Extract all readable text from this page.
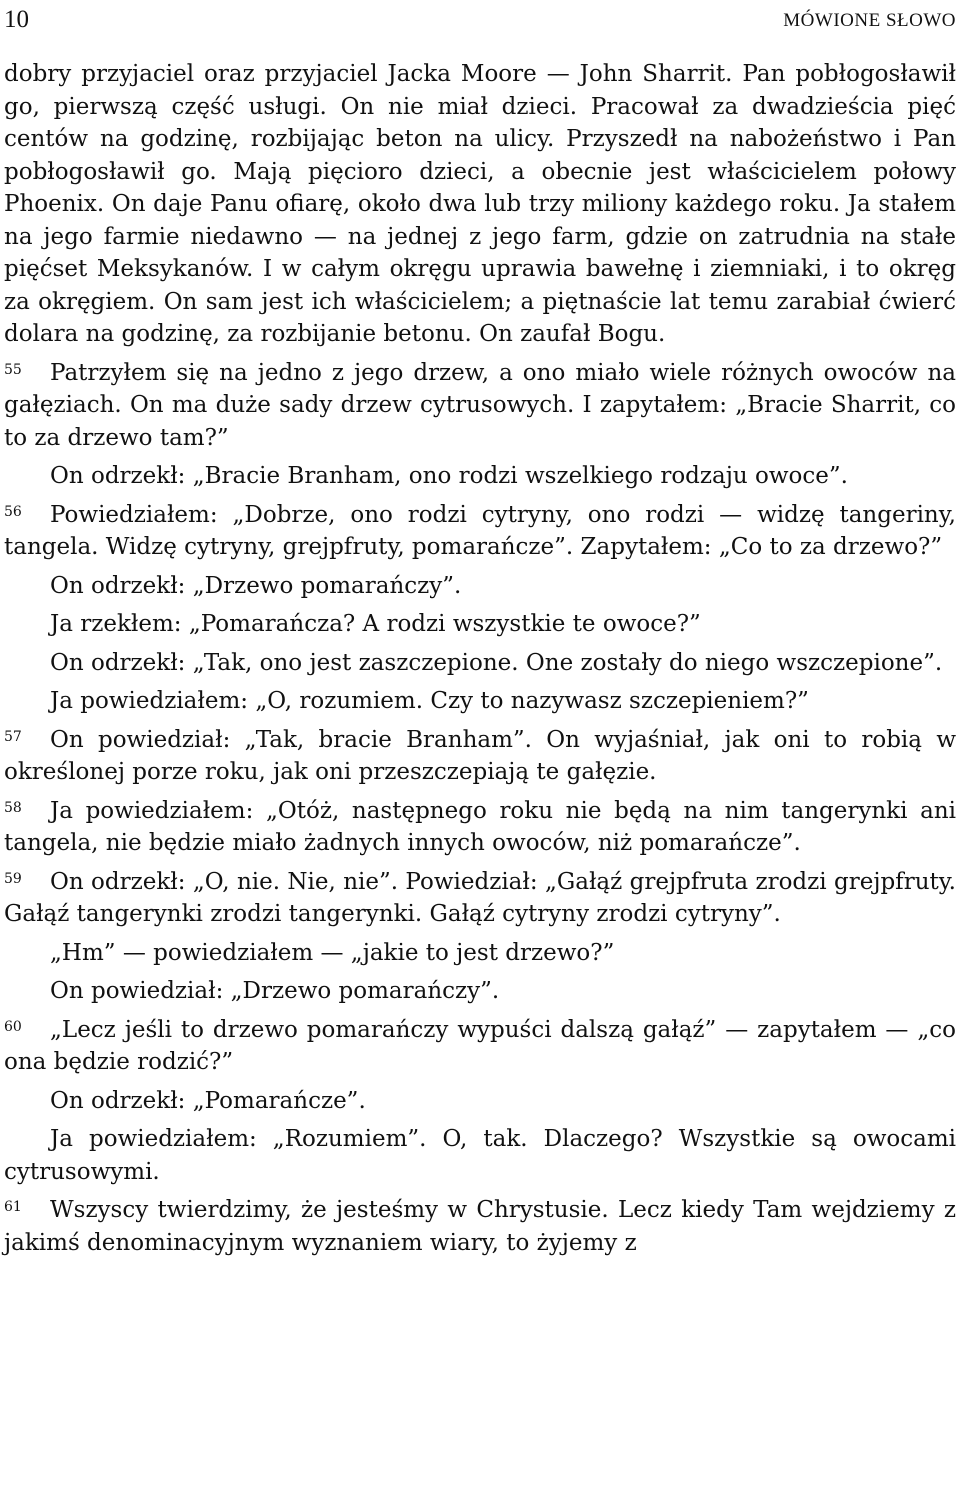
10	MÓWIONE SŁOWO

dobry przyjaciel oraz przyjaciel Jacka Moore — John Sharrit. Pan pobłogosławił go, pierwszą część usługi. On nie miał dzieci. Pracował za dwadzieścia pięć centów na godzinę, rozbijając beton na ulicy. Przyszedł na nabożeństwo i Pan pobłogosławił go. Mają pięcioro dzieci, a obecnie jest właścicielem połowy Phoenix. On daje Panu ofiarę, około dwa lub trzy miliony każdego roku. Ja stałem na jego farmie niedawno — na jednej z jego farm, gdzie on zatrudnia na stałe pięćset Meksykanów. I w całym okręgu uprawia bawełnę i ziemniaki, i to okręg za okręgiem. On sam jest ich właścicielem; a piętnaście lat temu zarabiał ćwierć dolara na godzinę, za rozbijanie betonu. On zaufał Bogu.

55 Patrzyłem się na jedno z jego drzew, a ono miało wiele różnych owoców na gałęziach. On ma duże sady drzew cytrusowych. I zapytałem: „Bracie Sharrit, co to za drzewo tam?”

On odrzekł: „Bracie Branham, ono rodzi wszelkiego rodzaju owoce”.

56 Powiedziałem: „Dobrze, ono rodzi cytryny, ono rodzi — widzę tangeriny, tangela. Widzę cytryny, grejpfruty, pomarańcze”. Zapytałem: „Co to za drzewo?”

On odrzekł: „Drzewo pomarańczy”.

Ja rzekłem: „Pomarańcza? A rodzi wszystkie te owoce?”

On odrzekł: „Tak, ono jest zaszczepione. One zostały do niego wszczepione”.

Ja powiedziałem: „O, rozumiem. Czy to nazywasz szczepieniem?”

57 On powiedział: „Tak, bracie Branham”. On wyjaśniał, jak oni to robią w określonej porze roku, jak oni przeszczepiają te gałęzie.

58 Ja powiedziałem: „Otóż, następnego roku nie będą na nim tangerynki ani tangela, nie będzie miało żadnych innych owoców, niż pomarańcze”.

59 On odrzekł: „O, nie. Nie, nie”. Powiedział: „Gałąź grejpfruta zrodzi grejpfruty. Gałąź tangerynki zrodzi tangerynki. Gałąź cytryny zrodzi cytryny”.

„Hm” — powiedziałem — „jakie to jest drzewo?”

On powiedział: „Drzewo pomarańczy”.

60 „Lecz jeśli to drzewo pomarańczy wypuści dalszą gałąź” — zapytałem — „co ona będzie rodzić?”

On odrzekł: „Pomarańcze”.

Ja powiedziałem: „Rozumiem”. O, tak. Dlaczego? Wszystkie są owocami cytrusowymi.

61 Wszyscy twierdzimy, że jesteśmy w Chrystusie. Lecz kiedy Tam wejdziemy z jakimś denominacyjnym wyznaniem wiary, to żyjemy z
